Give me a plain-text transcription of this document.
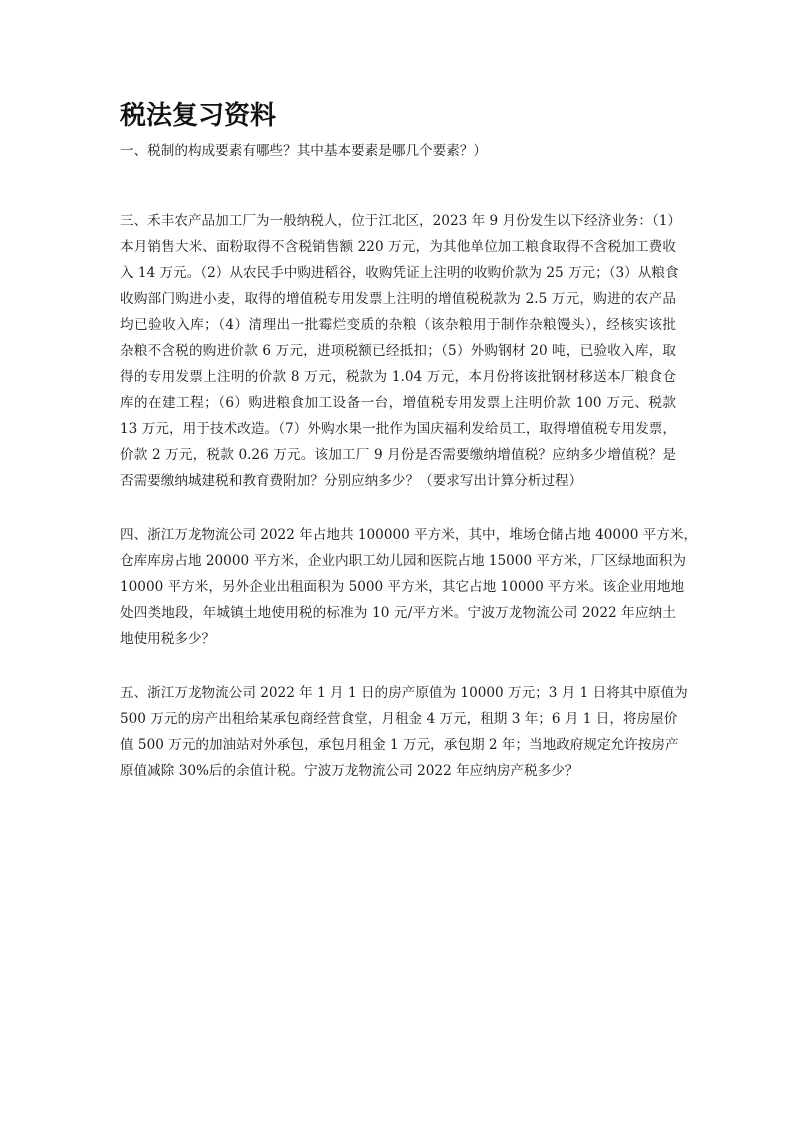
税法复习资料
一、税制的构成要素有哪些？其中基本要素是哪几个要素？）
三、禾丰农产品加工厂为一般纳税人，位于江北区，2023 年 9 月份发生以下经济业务：（1）
本月销售大米、面粉取得不含税销售额 220 万元，为其他单位加工粮食取得不含税加工费收
入 14 万元。（2）从农民手中购进稻谷，收购凭证上注明的收购价款为 25 万元；（3）从粮食
收购部门购进小麦，取得的增值税专用发票上注明的增值税税款为 2.5 万元，购进的农产品
均已验收入库；（4）清理出一批霉烂变质的杂粮（该杂粮用于制作杂粮馒头），经核实该批
杂粮不含税的购进价款 6 万元，进项税额已经抵扣；（5）外购钢材 20 吨，已验收入库，取
得的专用发票上注明的价款 8 万元，税款为 1.04 万元，本月份将该批钢材移送本厂粮食仓
库的在建工程；（6）购进粮食加工设备一台，增值税专用发票上注明价款 100 万元、税款
13 万元，用于技术改造。（7）外购水果一批作为国庆福利发给员工，取得增值税专用发票，
价款 2 万元，税款 0.26 万元。该加工厂 9 月份是否需要缴纳增值税？应纳多少增值税？是
否需要缴纳城建税和教育费附加？分别应纳多少？（要求写出计算分析过程）
四、浙江万龙物流公司 2022 年占地共 100000 平方米，其中，堆场仓储占地 40000 平方米，
仓库库房占地 20000 平方米，企业内职工幼儿园和医院占地 15000 平方米，厂区绿地面积为
10000 平方米，另外企业出租面积为 5000 平方米，其它占地 10000 平方米。该企业用地地
处四类地段，年城镇土地使用税的标准为 10 元/平方米。宁波万龙物流公司 2022 年应纳土
地使用税多少？
五、浙江万龙物流公司 2022 年 1 月 1 日的房产原值为 10000 万元；3 月 1 日将其中原值为
500 万元的房产出租给某承包商经营食堂，月租金 4 万元，租期 3 年；6 月 1 日，将房屋价
值 500 万元的加油站对外承包，承包月租金 1 万元，承包期 2 年；当地政府规定允许按房产
原值减除 30%后的余值计税。宁波万龙物流公司 2022 年应纳房产税多少？
